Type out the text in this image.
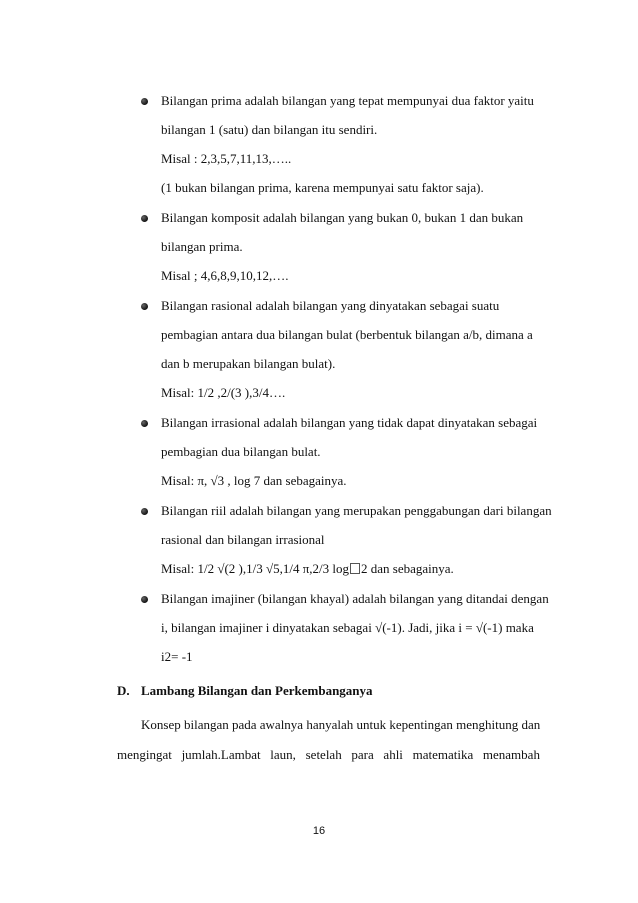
Bilangan prima adalah bilangan yang tepat mempunyai dua faktor yaitu
bilangan 1 (satu) dan bilangan itu sendiri.
Misal : 2,3,5,7,11,13,…..
(1 bukan bilangan prima, karena mempunyai satu faktor saja).
Bilangan komposit adalah bilangan yang bukan 0, bukan 1 dan bukan
bilangan prima.
Misal ; 4,6,8,9,10,12,….
Bilangan rasional adalah bilangan yang dinyatakan sebagai suatu
pembagian antara dua bilangan bulat (berbentuk bilangan a/b, dimana a
dan b merupakan bilangan bulat).
Misal: 1/2 ,2/(3 ),3/4….
Bilangan irrasional adalah bilangan yang tidak dapat dinyatakan sebagai
pembagian dua bilangan bulat.
Misal: π, √3 , log 7 dan sebagainya.
Bilangan riil adalah bilangan yang merupakan penggabungan dari bilangan
rasional dan bilangan irrasional
Misal: 1/2 √(2 ),1/3 √5,1/4 π,2/3 log 2 dan sebagainya.
Bilangan imajiner (bilangan khayal) adalah bilangan yang ditandai dengan
i, bilangan imajiner i dinyatakan sebagai √(-1). Jadi, jika i = √(-1) maka
i2= -1
D. Lambang Bilangan dan Perkembanganya
Konsep bilangan pada awalnya hanyalah untuk kepentingan menghitung dan
mengingat jumlah.Lambat laun, setelah para ahli matematika menambah
16
